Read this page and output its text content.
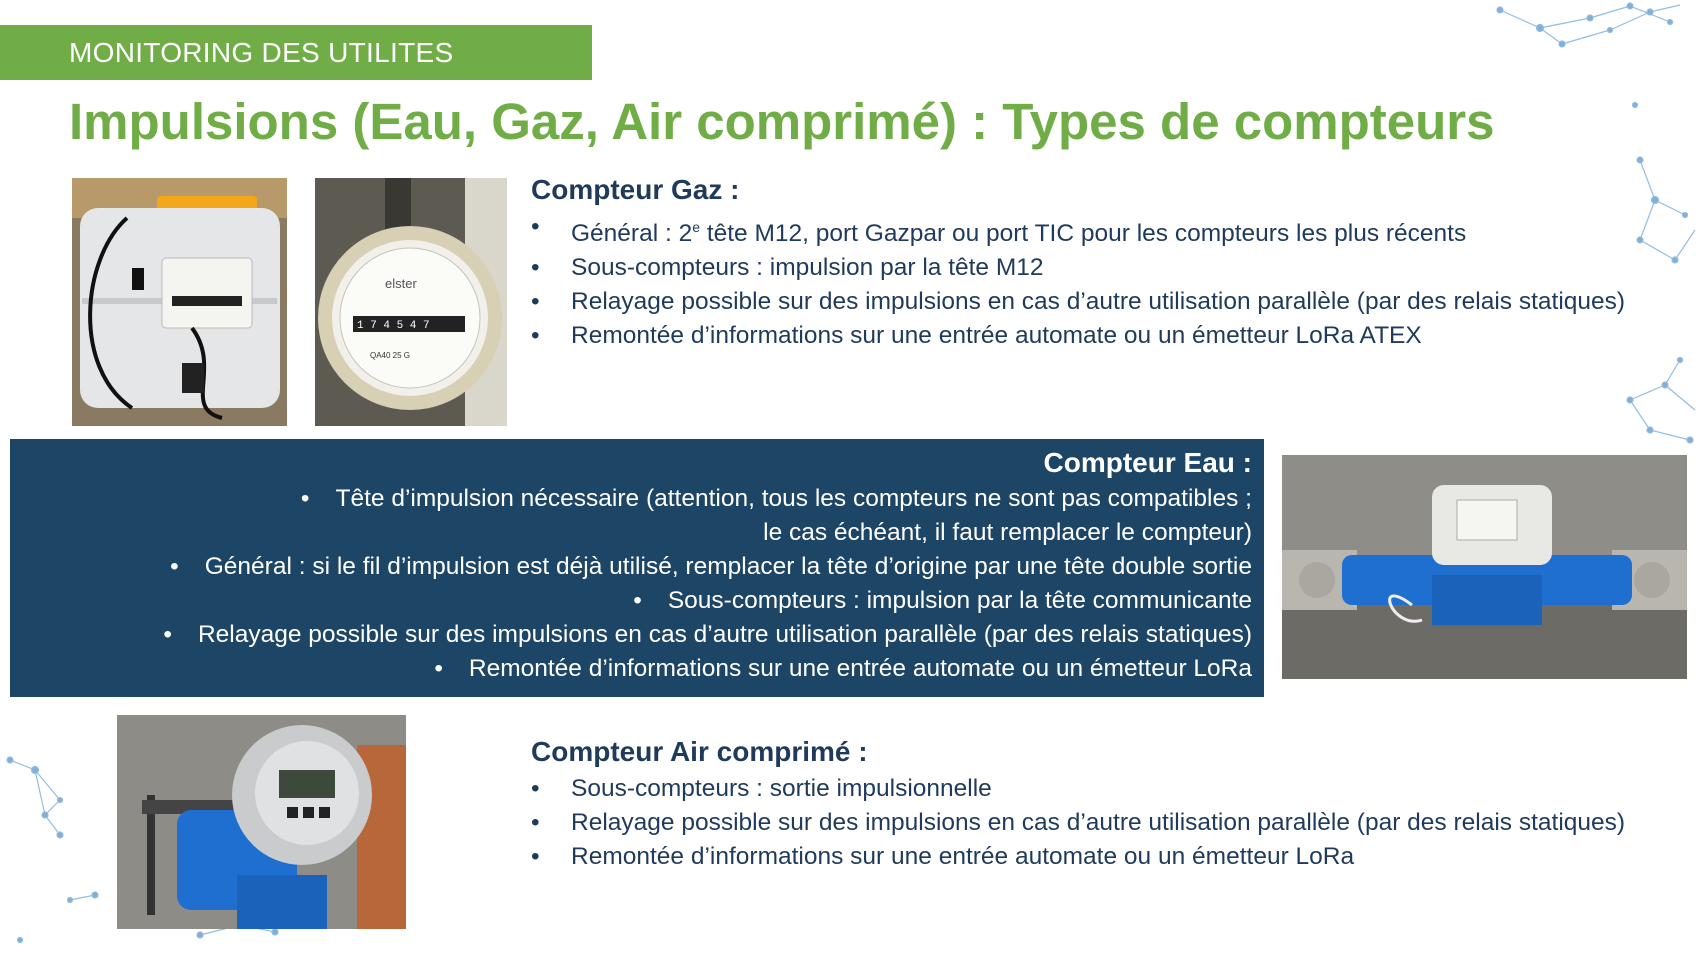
MONITORING DES UTILITES
Impulsions (Eau, Gaz, Air comprimé) : Types de compteurs
elster
1 7 4 5 4 7
QA40 25 G
Compteur Gaz :
• Général : 2e tête M12, port Gazpar ou port TIC pour les compteurs les plus récents
• Sous-compteurs : impulsion par la tête M12
• Relayage possible sur des impulsions en cas d’autre utilisation parallèle (par des relais statiques)
• Remontée d’informations sur une entrée automate ou un émetteur LoRa ATEX
Compteur Eau :
• Tête d’impulsion nécessaire (attention, tous les compteurs ne sont pas compatibles ;
le cas échéant, il faut remplacer le compteur)
• Général : si le fil d’impulsion est déjà utilisé, remplacer la tête d’origine par une tête double sortie
• Sous-compteurs : impulsion par la tête communicante
• Relayage possible sur des impulsions en cas d’autre utilisation parallèle (par des relais statiques)
• Remontée d’informations sur une entrée automate ou un émetteur LoRa
Compteur Air comprimé :
• Sous-compteurs : sortie impulsionnelle
• Relayage possible sur des impulsions en cas d’autre utilisation parallèle (par des relais statiques)
• Remontée d’informations sur une entrée automate ou un émetteur LoRa
